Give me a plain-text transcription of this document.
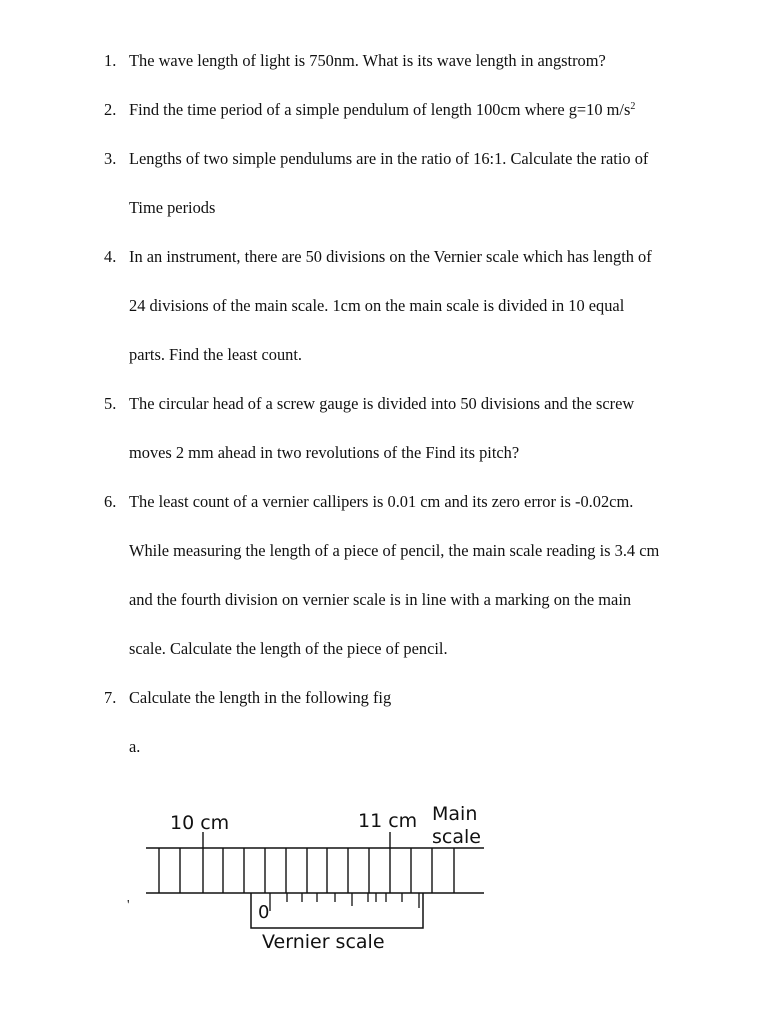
1. The wave length of light is 750nm. What is its wave length in angstrom?
2. Find the time period of a simple pendulum of length 100cm where g=10 $m/s^2$
3. Lengths of two simple pendulums are in the ratio of 16:1. Calculate the ratio of
Time periods
4. In an instrument, there are 50 divisions on the Vernier scale which has length of
24 divisions of the main scale. 1cm on the main scale is divided in 10 equal
parts. Find the least count.
5. The circular head of a screw gauge is divided into 50 divisions and the screw
moves 2 mm ahead in two revolutions of the Find its pitch?
6. The least count of a vernier callipers is 0.01 cm and its zero error is -0.02cm.
While measuring the length of a piece of pencil, the main scale reading is 3.4 cm
and the fourth division on vernier scale is in line with a marking on the main
scale. Calculate the length of the piece of pencil.
7. Calculate the length in the following fig
a.
'
10 cm	11 cm Main
scale
0
Vernier scale
